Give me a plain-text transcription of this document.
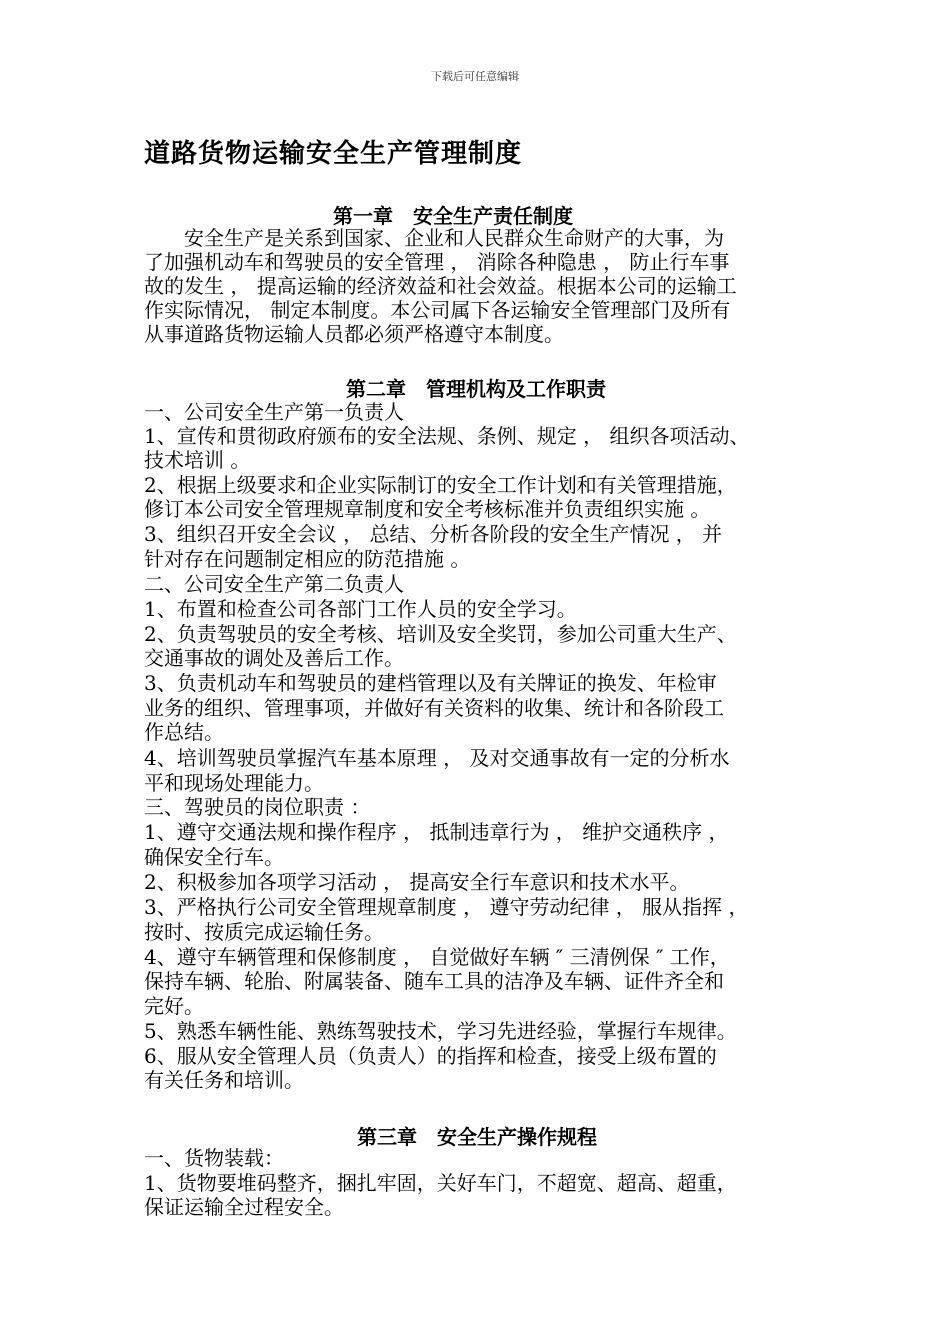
下载后可任意编辑
道路货物运输安全生产管理制度
第一章　安全生产责任制度
　　安全生产是关系到国家、企业和人民群众生命财产的大事，为
了加强机动车和驾驶员的安全管理 ， 消除各种隐患 ， 防止行车事
故的发生 ， 提高运输的经济效益和社会效益。根据本公司的运输工
作实际情况， 制定本制度。本公司属下各运输安全管理部门及所有
从事道路货物运输人员都必须严格遵守本制度。
第二章　管理机构及工作职责
一、公司安全生产第一负责人
1、宣传和贯彻政府颁布的安全法规、条例、规定 ， 组织各项活动、
技术培训 。
2、根据上级要求和企业实际制订的安全工作计划和有关管理措施，
修订本公司安全管理规章制度和安全考核标准并负责组织实施 。
3、组织召开安全会议 ， 总结、分析各阶段的安全生产情况 ， 并
针对存在问题制定相应的防范措施 。
二、公司安全生产第二负责人
1、布置和检查公司各部门工作人员的安全学习。
2、负责驾驶员的安全考核、培训及安全奖罚，参加公司重大生产、
交通事故的调处及善后工作。
3、负责机动车和驾驶员的建档管理以及有关牌证的换发、年检审
业务的组织、管理事项，并做好有关资料的收集、统计和各阶段工
作总结。
4、培训驾驶员掌握汽车基本原理 ， 及对交通事故有一定的分析水
平和现场处理能力。
三、驾驶员的岗位职责 ：
1、遵守交通法规和操作程序 ， 抵制违章行为 ， 维护交通秩序 ，
确保安全行车。
2、积极参加各项学习活动 ， 提高安全行车意识和技术水平。
3、严格执行公司安全管理规章制度 ， 遵守劳动纪律 ， 服从指挥 ，
按时、按质完成运输任务。
4、遵守车辆管理和保修制度 ， 自觉做好车辆 ″ 三清例保 ″ 工作，
保持车辆、轮胎、附属装备、随车工具的洁净及车辆、证件齐全和
完好。
5、熟悉车辆性能、熟练驾驶技术，学习先进经验，掌握行车规律。
6、服从安全管理人员（负责人）的指挥和检查，接受上级布置的
有关任务和培训。
第三章　安全生产操作规程
一、货物装载：
1、货物要堆码整齐，捆扎牢固，关好车门，不超宽、超高、超重，
保证运输全过程安全。
